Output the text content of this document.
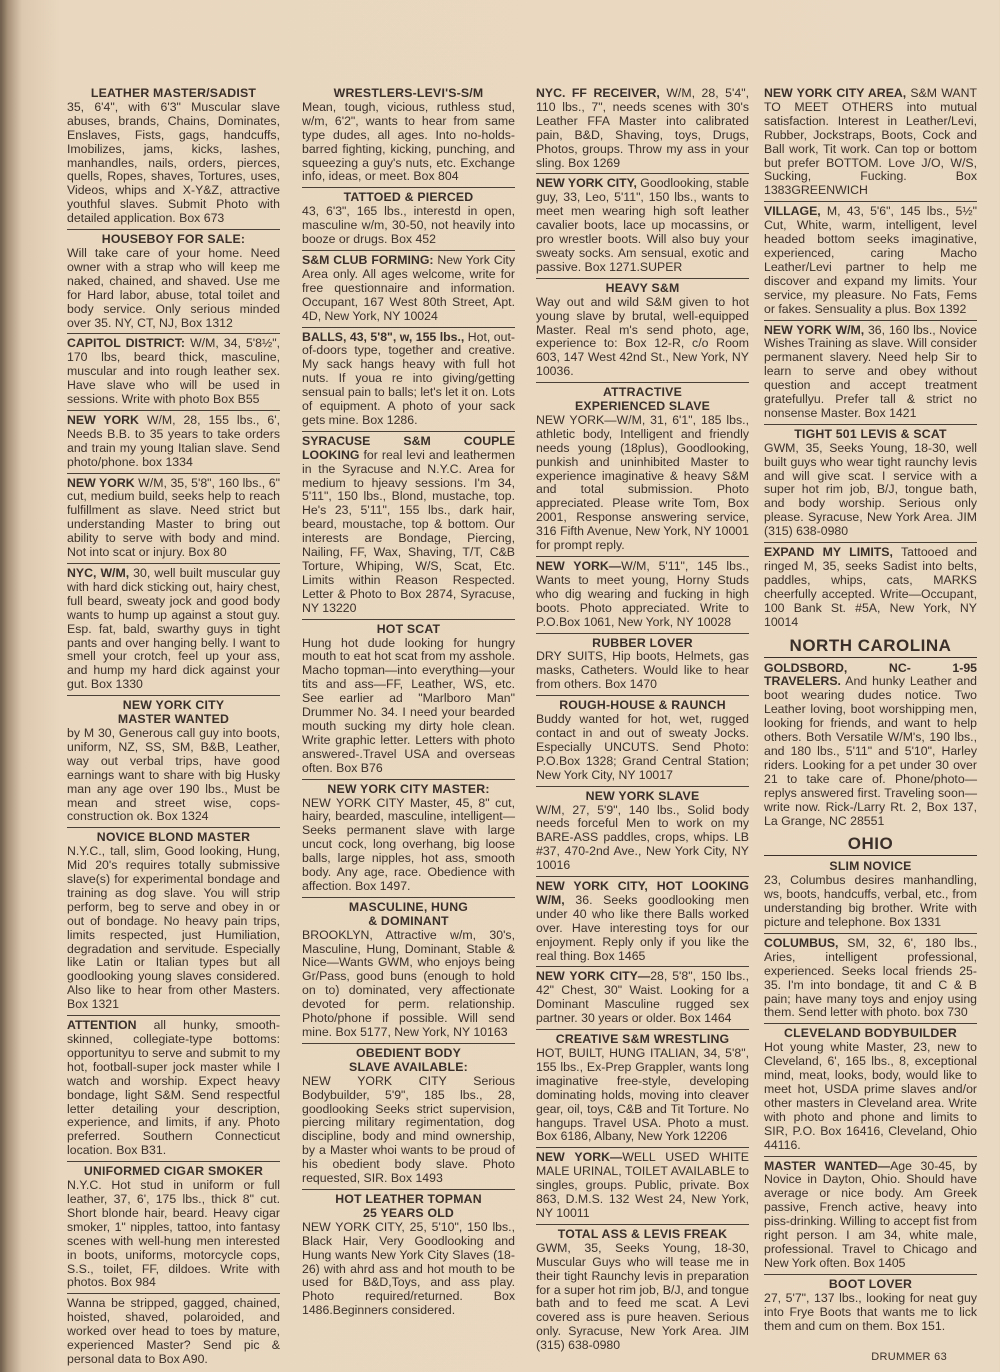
LEATHER MASTER/SADIST
35, 6'4", with 6'3" Muscular slave abuses, brands, Chains, Dominates, Enslaves, Fists, gags, handcuffs, Imobilizes, jams, kicks, lashes, manhandles, nails, orders, pierces, quells, Ropes, shaves, Tortures, uses, Videos, whips and X-Y&Z, attractive youthful slaves. Submit Photo with detailed application. Box 673
HOUSEBOY FOR SALE:
Will take care of your home. Need owner with a strap who will keep me naked, chained, and shaved. Use me for Hard labor, abuse, total toilet and body service. Only serious minded over 35. NY, CT, NJ, Box 1312
CAPITOL DISTRICT: W/M, 34, 5'8½", 170 lbs, beard thick, masculine, muscular and into rough leather sex. Have slave who will be used in sessions. Write with photo Box B55
NEW YORK W/M, 28, 155 lbs., 6', Needs B.B. to 35 years to take orders and train my young Italian slave. Send photo/phone. box 1334
NEW YORK W/M, 35, 5'8", 160 lbs., 6" cut, medium build, seeks help to reach fulfillment as slave. Need strict but understanding Master to bring out ability to serve with body and mind. Not into scat or injury. Box 80
NYC, W/M, 30, well built muscular guy with hard dick sticking out, hairy chest, full beard, sweaty jock and good body wants to hump up against a stout guy. Esp. fat, bald, swarthy guys in tight pants and over hanging belly. I want to smell your crotch, feel up your ass, and hump my hard dick against your gut. Box 1330
NEW YORK CITY
MASTER WANTED
by M 30, Generous call guy into boots, uniform, NZ, SS, SM, B&B, Leather, way out verbal trips, have good earnings want to share with big Husky man any age over 190 lbs., Must be mean and street wise, cops-construction ok. Box 1324
NOVICE BLOND MASTER
N.Y.C., tall, slim, Good looking, Hung, Mid 20's requires totally submissive slave(s) for experimental bondage and training as dog slave. You will strip perform, beg to serve and obey in or out of bondage. No heavy pain trips, limits respected, just Humiliation, degradation and servitude. Especially like Latin or Italian types but all goodlooking young slaves considered. Also like to hear from other Masters. Box 1321
ATTENTION all hunky, smooth-skinned, collegiate-type bottoms: opportunityu to serve and submit to my hot, football-super jock master while I watch and worship. Expect heavy bondage, light S&M. Send respectful letter detailing your description, experience, and limits, if any. Photo preferred. Southern Connecticut location. Box B31.
UNIFORMED CIGAR SMOKER
N.Y.C. Hot stud in uniform or full leather, 37, 6', 175 lbs., thick 8" cut. Short blonde hair, beard. Heavy cigar smoker, 1" nipples, tattoo, into fantasy scenes with well-hung men interested in boots, uniforms, motorcycle cops, S.S., toilet, FF, dildoes. Write with photos. Box 984
Wanna be stripped, gagged, chained, hoisted, shaved, polaroided, and worked over head to toes by mature, experienced Master? Send pic & personal data to Box A90.
WRESTLERS-LEVI'S-S/M
Mean, tough, vicious, ruthless stud, w/m, 6'2", wants to hear from same type dudes, all ages. Into no-holds-barred fighting, kicking, punching, and squeezing a guy's nuts, etc. Exchange info, ideas, or meet. Box 804
TATTOED & PIERCED
43, 6'3", 165 lbs., interestd in open, masculine w/m, 30-50, not heavily into booze or drugs. Box 452
S&M CLUB FORMING: New York City Area only. All ages welcome, write for free questionnaire and information. Occupant, 167 West 80th Street, Apt. 4D, New York, NY 10024
BALLS, 43, 5'8", w, 155 lbs., Hot, out-of-doors type, together and creative. My sack hangs heavy with full hot nuts. If youa re into giving/getting sensual pain to balls; let's let it on. Lots of equipment. A photo of your sack gets mine. Box 1286.
SYRACUSE S&M COUPLE LOOKING for real levi and leathermen in the Syracuse and N.Y.C. Area for medium to hjeavy sessions. I'm 34, 5'11", 150 lbs., Blond, mustache, top. He's 23, 5'11", 155 lbs., dark hair, beard, moustache, top & bottom. Our interests are Bondage, Piercing, Nailing, FF, Wax, Shaving, T/T, C&B Torture, Whiping, W/S, Scat, Etc. Limits within Reason Respected. Letter & Photo to Box 2874, Syracuse, NY 13220
HOT SCAT
Hung hot dude looking for hungry mouth to eat hot scat from my asshole. Macho topman—into everything—your tits and ass—FF, Leather, WS, etc. See earlier ad "Marlboro Man" Drummer No. 34. I need your bearded mouth sucking my dirty hole clean. Write graphic letter. Letters with photo answered-.Travel USA and overseas often. Box B76
NEW YORK CITY MASTER:
NEW YORK CITY Master, 45, 8" cut, hairy, bearded, masculine, intelligent—Seeks permanent slave with large uncut cock, long overhang, big loose balls, large nipples, hot ass, smooth body. Any age, race. Obedience with affection. Box 1497.
MASCULINE, HUNG
& DOMINANT
BROOKLYN, Attractive w/m, 30's, Masculine, Hung, Dominant, Stable & Nice—Wants GWM, who enjoys being Gr/Pass, good buns (enough to hold on to) dominated, very affectionate devoted for perm. relationship. Photo/phone if possible. Will send mine. Box 5177, New York, NY 10163
OBEDIENT BODY
SLAVE AVAILABLE:
NEW YORK CITY Serious Bodybuilder, 5'9", 185 lbs., 28, goodlooking Seeks strict supervision, piercing military regimentation, dog discipline, body and mind ownership, by a Master whoi wants to be proud of his obedient body slave. Photo requested, SIR. Box 1493
HOT LEATHER TOPMAN
25 YEARS OLD
NEW YORK CITY, 25, 5'10", 150 lbs., Black Hair, Very Goodlooking and Hung wants New York City Slaves (18-26) with ahrd ass and hot mouth to be used for B&D,Toys, and ass play. Photo required/returned. Box 1486.Beginners considered.
NYC. FF RECEIVER, W/M, 28, 5'4", 110 lbs., 7", needs scenes with 30's Leather FFA Master into calibrated pain, B&D, Shaving, toys, Drugs, Photos, groups. Throw my ass in your sling. Box 1269
NEW YORK CITY, Goodlooking, stable guy, 33, Leo, 5'11", 150 lbs., wants to meet men wearing high soft leather cavalier boots, lace up mocassins, or pro wrestler boots. Will also buy your sweaty socks. Am sensual, exotic and passive. Box 1271.SUPER
HEAVY S&M
Way out and wild S&M given to hot young slave by brutal, well-equipped Master. Real m's send photo, age, experience to: Box 12-R, c/o Room 603, 147 West 42nd St., New York, NY 10036.
ATTRACTIVE
EXPERIENCED SLAVE
NEW YORK—W/M, 31, 6'1", 185 lbs., athletic body, Intelligent and friendly needs young (18plus), Goodlooking, punkish and uninhibited Master to experience imaginative & heavy S&M and total submission. Photo appreciated. Please write Tom, Box 2001, Response answering service, 316 Fifth Avenue, New York, NY 10001 for prompt reply.
NEW YORK—W/M, 5'11", 145 lbs., Wants to meet young, Horny Studs who dig wearing and fucking in high boots. Photo appreciated. Write to P.O.Box 1061, New York, NY 10028
RUBBER LOVER
DRY SUITS, Hip boots, Helmets, gas masks, Catheters. Would like to hear from others. Box 1470
ROUGH-HOUSE & RAUNCH
Buddy wanted for hot, wet, rugged contact in and out of sweaty Jocks. Especially UNCUTS. Send Photo: P.O.Box 1328; Grand Central Station; New York City, NY 10017
NEW YORK SLAVE
W/M, 27, 5'9", 140 lbs., Solid body needs forceful Men to work on my BARE-ASS paddles, crops, whips. LB #37, 470-2nd Ave., New York City, NY 10016
NEW YORK CITY, HOT LOOKING W/M, 36. Seeks goodlooking men under 40 who like there Balls worked over. Have interesting toys for our enjoyment. Reply only if you like the real thing. Box 1465
NEW YORK CITY—28, 5'8", 150 lbs., 42" Chest, 30" Waist. Looking for a Dominant Masculine rugged sex partner. 30 years or older. Box 1464
CREATIVE S&M WRESTLING
HOT, BUILT, HUNG ITALIAN, 34, 5'8", 155 lbs., Ex-Prep Grappler, wants long imaginative free-style, developing dominating holds, moving into cleaver gear, oil, toys, C&B and Tit Torture. No hangups. Travel USA. Photo a must. Box 6186, Albany, New York 12206
NEW YORK—WELL USED WHITE MALE URINAL, TOILET AVAILABLE to singles, groups. Public, private. Box 863, D.M.S. 132 West 24, New York, NY 10011
TOTAL ASS & LEVIS FREAK
GWM, 35, Seeks Young, 18-30, Muscular Guys who will tease me in their tight Raunchy levis in preparation for a super hot rim job, B/J, and tongue bath and to feed me scat. A Levi covered ass is pure heaven. Serious only. Syracuse, New York Area. JIM (315) 638-0980
NEW YORK CITY AREA, S&M WANT TO MEET OTHERS into mutual satisfaction. Interest in Leather/Levi, Rubber, Jockstraps, Boots, Cock and Ball work, Tit work. Can top or bottom but prefer BOTTOM. Love J/O, W/S, Sucking, Fucking. Box 1383GREENWICH
VILLAGE, M, 43, 5'6", 145 lbs., 5½" Cut, White, warm, intelligent, level headed bottom seeks imaginative, experienced, caring Macho Leather/Levi partner to help me discover and expand my limits. Your service, my pleasure. No Fats, Fems or fakes. Sensuality a plus. Box 1392
NEW YORK W/M, 36, 160 lbs., Novice Wishes Training as slave. Will consider permanent slavery. Need help Sir to learn to serve and obey without question and accept treatment gratefullyu. Prefer tall & strict no nonsense Master. Box 1421
TIGHT 501 LEVIS & SCAT
GWM, 35, Seeks Young, 18-30, well built guys who wear tight raunchy levis and will give scat. I service with a super hot rim job, B/J, tongue bath, and body worship. Serious only please. Syracuse, New York Area. JIM (315) 638-0980
EXPAND MY LIMITS, Tattooed and ringed M, 35, seeks Sadist into belts, paddles, whips, cats, MARKS cheerfully accepted. Write—Occupant, 100 Bank St. #5A, New York, NY 10014
NORTH CAROLINA
GOLDSBORD, NC- 1-95 TRAVELERS. And hunky Leather and boot wearing dudes notice. Two Leather loving, boot worshipping men, looking for friends, and want to help others. Both Versatile W/M's, 190 lbs., and 180 lbs., 5'11" and 5'10", Harley riders. Looking for a pet under 30 over 21 to take care of. Phone/photo—replys answered first. Traveling soon—write now. Rick-/Larry Rt. 2, Box 137, La Grange, NC 28551
OHIO
SLIM NOVICE
23, Columbus desires manhandling, ws, boots, handcuffs, verbal, etc., from understanding big brother. Write with picture and telephone. Box 1331
COLUMBUS, SM, 32, 6', 180 lbs., Aries, intelligent professional, experienced. Seeks local friends 25-35. I'm into bondage, tit and C & B pain; have many toys and enjoy using them. Send letter with photo. box 730
CLEVELAND BODYBUILDER
Hot young white Master, 23, new to Cleveland, 6', 165 lbs., 8, exceptional mind, meat, looks, body, would like to meet hot, USDA prime slaves and/or other masters in Cleveland area. Write with photo and phone and limits to SIR, P.O. Box 16416, Cleveland, Ohio 44116.
MASTER WANTED—Age 30-45, by Novice in Dayton, Ohio. Should have average or nice body. Am Greek passive, French active, heavy into piss-drinking. Willing to accept fist from right person. I am 34, white male, professional. Travel to Chicago and New York often. Box 1405
BOOT LOVER
27, 5'7", 137 lbs., looking for neat guy into Frye Boots that wants me to lick them and cum on them. Box 151.
DRUMMER 63
